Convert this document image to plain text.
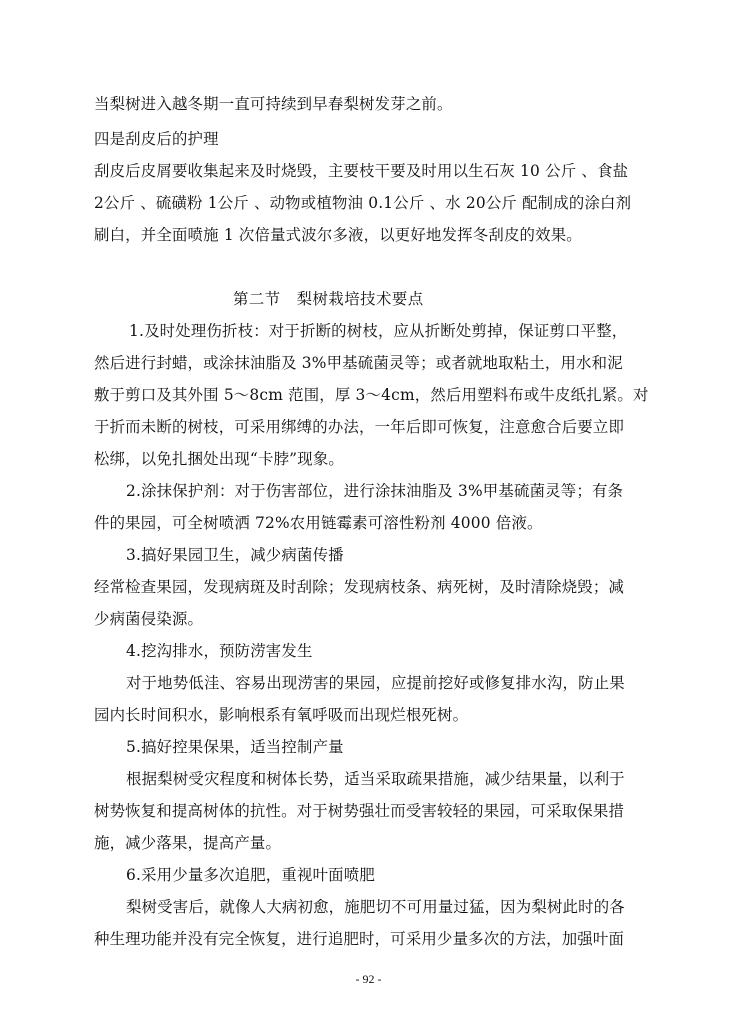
当梨树进入越冬期一直可持续到早春梨树发芽之前。
四是刮皮后的护理
刮皮后皮屑要收集起来及时烧毁，主要枝干要及时用以生石灰 10 公斤 、食盐
2公斤 、硫磺粉 1公斤 、动物或植物油 0.1公斤 、水 20公斤 配制成的涂白剂
刷白，并全面喷施 1 次倍量式波尔多液，以更好地发挥冬刮皮的效果。
第二节　梨树栽培技术要点
1.及时处理伤折枝：对于折断的树枝，应从折断处剪掉，保证剪口平整，
然后进行封蜡，或涂抹油脂及 3%甲基硫菌灵等；或者就地取粘土，用水和泥
敷于剪口及其外围 5～8cm 范围，厚 3～4cm，然后用塑料布或牛皮纸扎紧。对
于折而未断的树枝，可采用绑缚的办法，一年后即可恢复，注意愈合后要立即
松绑，以免扎捆处出现“卡脖”现象。
2.涂抹保护剂：对于伤害部位，进行涂抹油脂及 3%甲基硫菌灵等；有条
件的果园，可全树喷洒 72%农用链霉素可溶性粉剂 4000 倍液。
3.搞好果园卫生，减少病菌传播
经常检查果园，发现病斑及时刮除；发现病枝条、病死树，及时清除烧毁；减
少病菌侵染源。
4.挖沟排水，预防涝害发生
对于地势低洼、容易出现涝害的果园，应提前挖好或修复排水沟，防止果
园内长时间积水，影响根系有氧呼吸而出现烂根死树。
5.搞好控果保果，适当控制产量
根据梨树受灾程度和树体长势，适当采取疏果措施，减少结果量，以利于
树势恢复和提高树体的抗性。对于树势强壮而受害较轻的果园，可采取保果措
施，减少落果，提高产量。
6.采用少量多次追肥，重视叶面喷肥
梨树受害后，就像人大病初愈，施肥切不可用量过猛，因为梨树此时的各
种生理功能并没有完全恢复，进行追肥时，可采用少量多次的方法，加强叶面
- 92 -
